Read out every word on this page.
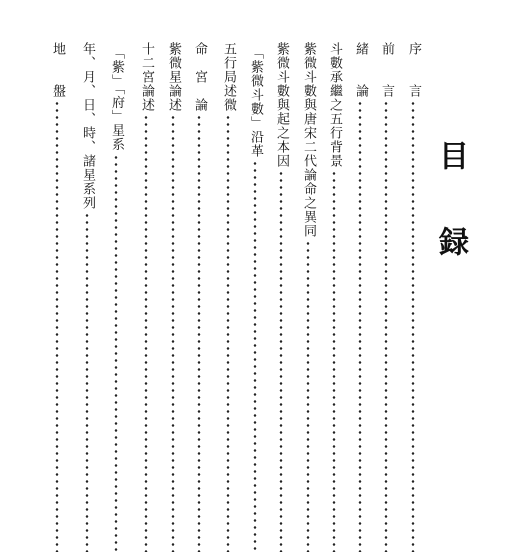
目録
序　　言
前　　言
緒　　論
斗數承繼之五行背景
紫微斗數與唐宋二代論命之異同
紫微斗數與起之本因
「紫微斗數」沿革
五行局述微
命　宮　論
紫微星論述
十二宮論述
「紫」「府」星系
年、月、日、時、諸星系列
地　　盤
